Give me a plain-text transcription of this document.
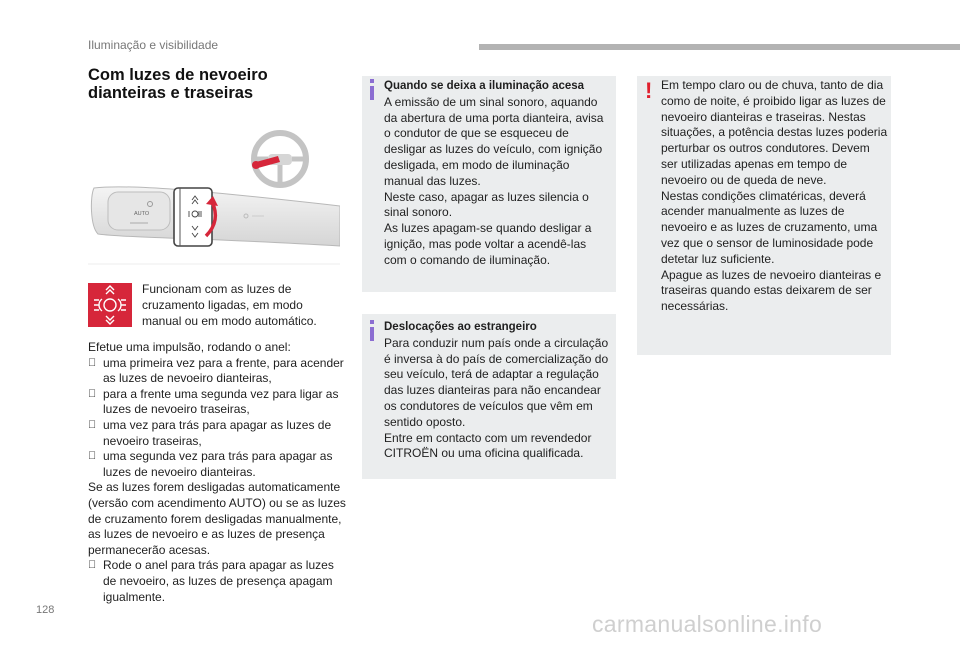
Iluminação e visibilidade
Com luzes de nevoeiro dianteiras e traseiras
AUTO
Funcionam com as luzes de cruzamento ligadas, em modo manual ou em modo automático.

Efetue uma impulsão, rodando o anel:

uma primeira vez para a frente, para acender as luzes de nevoeiro dianteiras,
para a frente uma segunda vez para ligar as luzes de nevoeiro traseiras,
uma vez para trás para apagar as luzes de nevoeiro traseiras,
uma segunda vez para trás para apagar as luzes de nevoeiro dianteiras.

Se as luzes forem desligadas automaticamente (versão com acendimento AUTO) ou se as luzes de cruzamento forem desligadas manualmente, as luzes de nevoeiro e as luzes de presença permanecerão acesas.

Rode o anel para trás para apagar as luzes de nevoeiro, as luzes de presença apagam igualmente.
Quando se deixa a iluminação acesa
A emissão de um sinal sonoro, aquando da abertura de uma porta dianteira, avisa o condutor de que se esqueceu de desligar as luzes do veículo, com ignição desligada, em modo de iluminação manual das luzes.
Neste caso, apagar as luzes silencia o sinal sonoro.
As luzes apagam-se quando desligar a ignição, mas pode voltar a acendê-las com o comando de iluminação.
Deslocações ao estrangeiro
Para conduzir num país onde a circulação é inversa à do país de comercialização do seu veículo, terá de adaptar a regulação das luzes dianteiras para não encandear os condutores de veículos que vêm em sentido oposto.
Entre em contacto com um revendedor CITROËN ou uma oficina qualificada.
! Em tempo claro ou de chuva, tanto de dia como de noite, é proibido ligar as luzes de nevoeiro dianteiras e traseiras. Nestas situações, a potência destas luzes poderia perturbar os outros condutores. Devem ser utilizadas apenas em tempo de nevoeiro ou de queda de neve.
Nestas condições climatéricas, deverá acender manualmente as luzes de nevoeiro e as luzes de cruzamento, uma vez que o sensor de luminosidade pode detetar luz suficiente.
Apague as luzes de nevoeiro dianteiras e traseiras quando estas deixarem de ser necessárias.
128
carmanualsonline.info
